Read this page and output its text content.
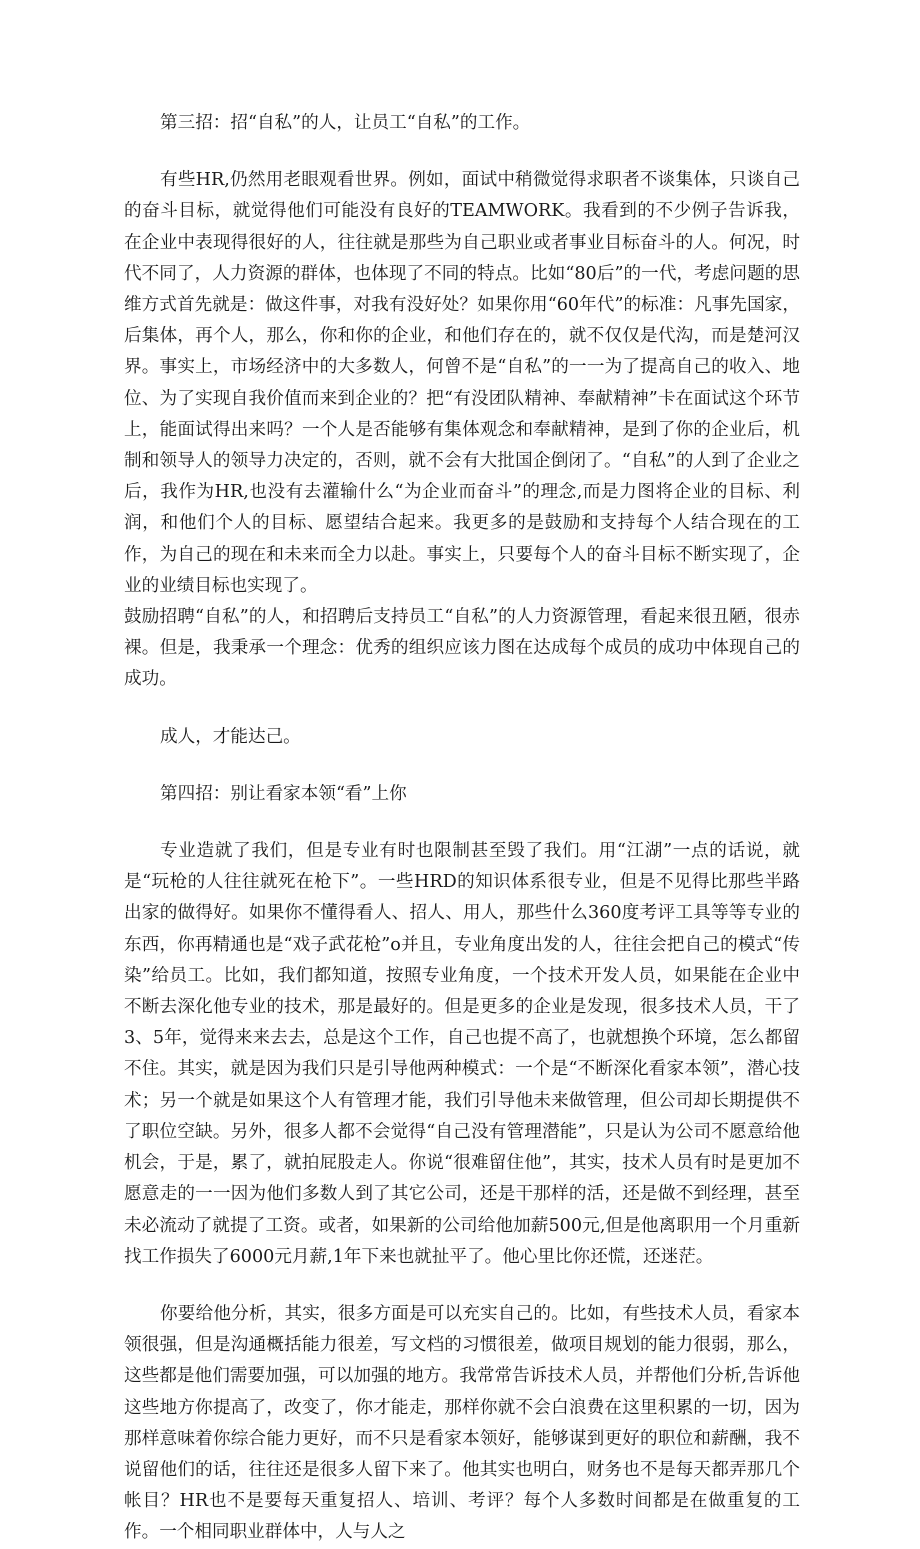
第三招：招“自私”的人，让员工“自私”的工作。

有些HR,仍然用老眼观看世界。例如，面试中稍微觉得求职者不谈集体，只谈自己的奋斗目标，就觉得他们可能没有良好的TEAMWORK。我看到的不少例子告诉我，在企业中表现得很好的人，往往就是那些为自己职业或者事业目标奋斗的人。何况，时代不同了，人力资源的群体，也体现了不同的特点。比如“80后”的一代，考虑问题的思维方式首先就是：做这件事，对我有没好处？如果你用“60年代”的标准：凡事先国家，后集体，再个人，那么，你和你的企业，和他们存在的，就不仅仅是代沟，而是楚河汉界。事实上，市场经济中的大多数人，何曾不是“自私”的一一为了提高自己的收入、地位、为了实现自我价值而来到企业的？把“有没团队精神、奉献精神”卡在面试这个环节上，能面试得出来吗？一个人是否能够有集体观念和奉献精神，是到了你的企业后，机制和领导人的领导力决定的，否则，就不会有大批国企倒闭了。“自私”的人到了企业之后，我作为HR,也没有去灌输什么“为企业而奋斗”的理念,而是力图将企业的目标、利润，和他们个人的目标、愿望结合起来。我更多的是鼓励和支持每个人结合现在的工作，为自己的现在和未来而全力以赴。事实上，只要每个人的奋斗目标不断实现了，企业的业绩目标也实现了。

鼓励招聘“自私”的人，和招聘后支持员工“自私”的人力资源管理，看起来很丑陋，很赤裸。但是，我秉承一个理念：优秀的组织应该力图在达成每个成员的成功中体现自己的成功。

成人，才能达己。

第四招：别让看家本领“看”上你

专业造就了我们，但是专业有时也限制甚至毁了我们。用“江湖”一点的话说，就是“玩枪的人往往就死在枪下”。一些HRD的知识体系很专业，但是不见得比那些半路出家的做得好。如果你不懂得看人、招人、用人，那些什么360度考评工具等等专业的东西，你再精通也是“戏子武花枪”o并且，专业角度出发的人，往往会把自己的模式“传染”给员工。比如，我们都知道，按照专业角度，一个技术开发人员，如果能在企业中不断去深化他专业的技术，那是最好的。但是更多的企业是发现，很多技术人员，干了3、5年，觉得来来去去，总是这个工作，自己也提不高了，也就想换个环境，怎么都留不住。其实，就是因为我们只是引导他两种模式：一个是“不断深化看家本领”，潜心技术；另一个就是如果这个人有管理才能，我们引导他未来做管理，但公司却长期提供不了职位空缺。另外，很多人都不会觉得“自己没有管理潜能”，只是认为公司不愿意给他机会，于是，累了，就拍屁股走人。你说“很难留住他”，其实，技术人员有时是更加不愿意走的一一因为他们多数人到了其它公司，还是干那样的活，还是做不到经理，甚至未必流动了就提了工资。或者，如果新的公司给他加薪500元,但是他离职用一个月重新找工作损失了6000元月薪,1年下来也就扯平了。他心里比你还慌，还迷茫。

你要给他分析，其实，很多方面是可以充实自己的。比如，有些技术人员，看家本领很强，但是沟通概括能力很差，写文档的习惯很差，做项目规划的能力很弱，那么，这些都是他们需要加强，可以加强的地方。我常常告诉技术人员，并帮他们分析,告诉他这些地方你提高了，改变了，你才能走，那样你就不会白浪费在这里积累的一切，因为那样意味着你综合能力更好，而不只是看家本领好，能够谋到更好的职位和薪酬，我不说留他们的话，往往还是很多人留下来了。他其实也明白，财务也不是每天都弄那几个帐目？HR也不是要每天重复招人、培训、考评？每个人多数时间都是在做重复的工作。一个相同职业群体中，人与人之
